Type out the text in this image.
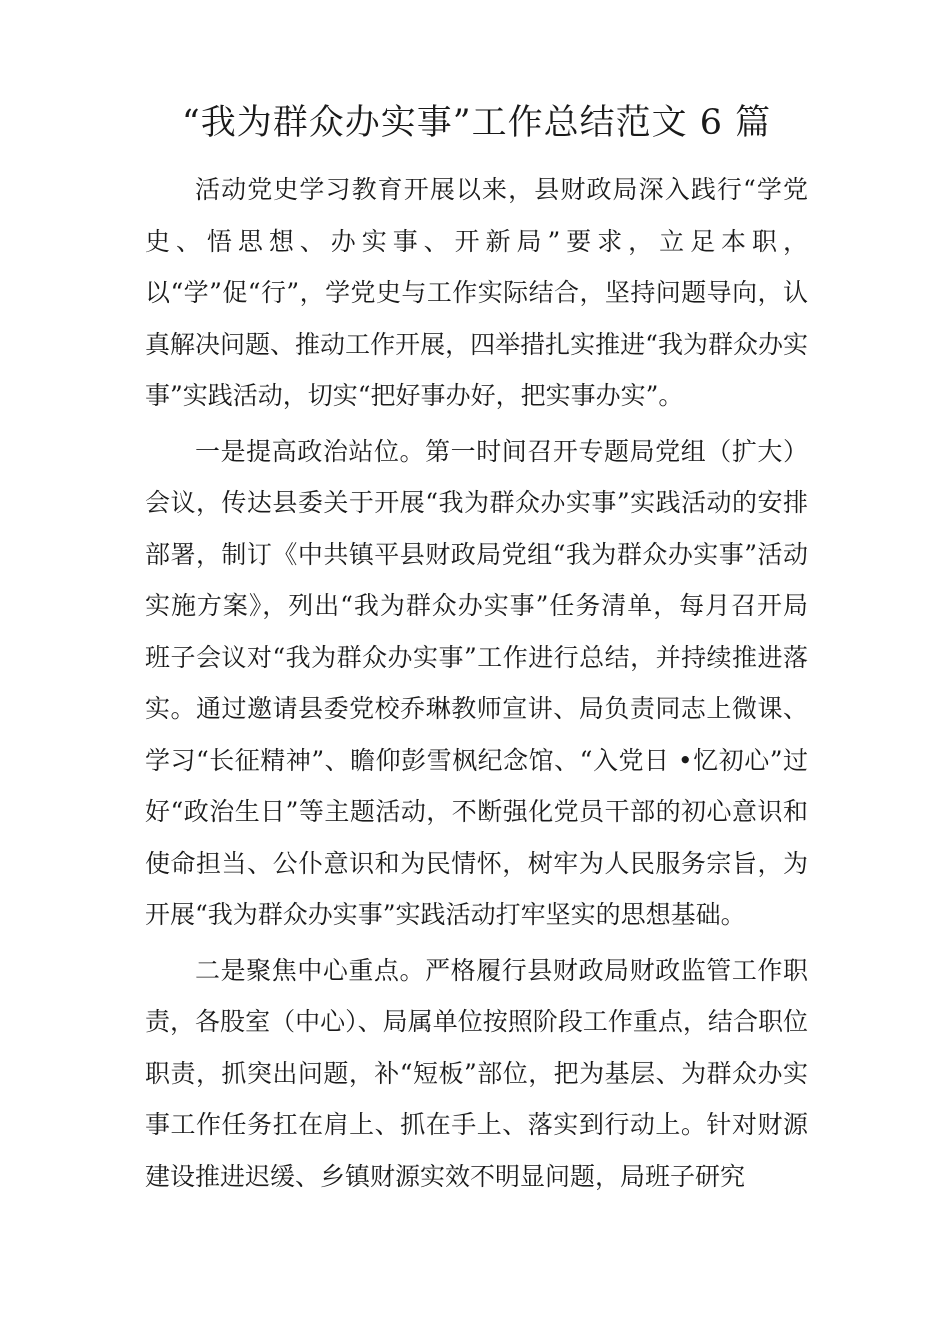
“我为群众办实事”工作总结范文 6 篇

活动党史学习教育开展以来，县财政局深入践行“学党史、悟思想、办实事、开新局”要求，立足本职，以“学”促“行”，学党史与工作实际结合，坚持问题导向，认真解决问题、推动工作开展，四举措扎实推进“我为群众办实事”实践活动，切实“把好事办好，把实事办实”。

一是提高政治站位。第一时间召开专题局党组（扩大）会议，传达县委关于开展“我为群众办实事”实践活动的安排部署，制订《中共镇平县财政局党组“我为群众办实事”活动实施方案》，列出“我为群众办实事”任务清单，每月召开局班子会议对“我为群众办实事”工作进行总结，并持续推进落实。通过邀请县委党校乔琳教师宣讲、局负责同志上微课、学习“长征精神”、瞻仰彭雪枫纪念馆、“入党日 •忆初心”过好“政治生日”等主题活动，不断强化党员干部的初心意识和使命担当、公仆意识和为民情怀，树牢为人民服务宗旨，为开展“我为群众办实事”实践活动打牢坚实的思想基础。

二是聚焦中心重点。严格履行县财政局财政监管工作职责，各股室（中心）、局属单位按照阶段工作重点，结合职位职责，抓突出问题，补“短板”部位，把为基层、为群众办实事工作任务扛在肩上、抓在手上、落实到行动上。针对财源建设推进迟缓、乡镇财源实效不明显问题，局班子研究
